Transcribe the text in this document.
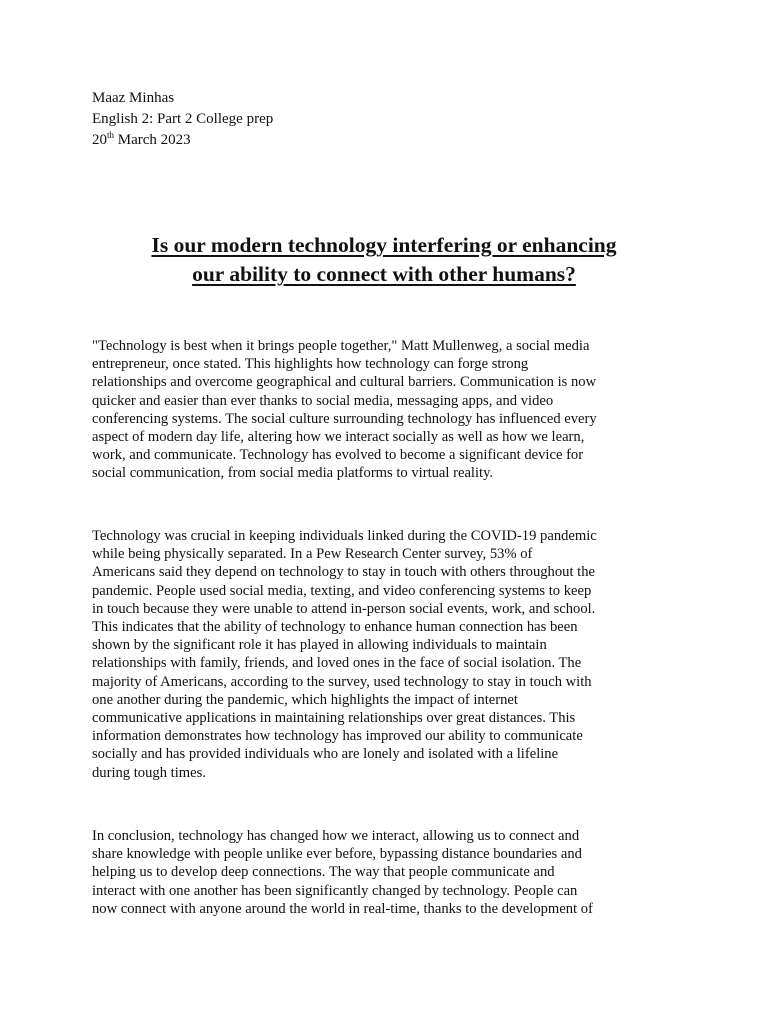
Maaz Minhas
English 2: Part 2 College prep
20th March 2023
Is our modern technology interfering or enhancing
our ability to connect with other humans?

"Technology is best when it brings people together," Matt Mullenweg, a social media
entrepreneur, once stated. This highlights how technology can forge strong
relationships and overcome geographical and cultural barriers. Communication is now
quicker and easier than ever thanks to social media, messaging apps, and video
conferencing systems. The social culture surrounding technology has influenced every
aspect of modern day life, altering how we interact socially as well as how we learn,
work, and communicate. Technology has evolved to become a significant device for
social communication, from social media platforms to virtual reality.

Technology was crucial in keeping individuals linked during the COVID-19 pandemic
while being physically separated. In a Pew Research Center survey, 53% of
Americans said they depend on technology to stay in touch with others throughout the
pandemic. People used social media, texting, and video conferencing systems to keep
in touch because they were unable to attend in-person social events, work, and school.
This indicates that the ability of technology to enhance human connection has been
shown by the significant role it has played in allowing individuals to maintain
relationships with family, friends, and loved ones in the face of social isolation. The
majority of Americans, according to the survey, used technology to stay in touch with
one another during the pandemic, which highlights the impact of internet
communicative applications in maintaining relationships over great distances. This
information demonstrates how technology has improved our ability to communicate
socially and has provided individuals who are lonely and isolated with a lifeline
during tough times.

In conclusion, technology has changed how we interact, allowing us to connect and
share knowledge with people unlike ever before, bypassing distance boundaries and
helping us to develop deep connections. The way that people communicate and
interact with one another has been significantly changed by technology. People can
now connect with anyone around the world in real-time, thanks to the development of
